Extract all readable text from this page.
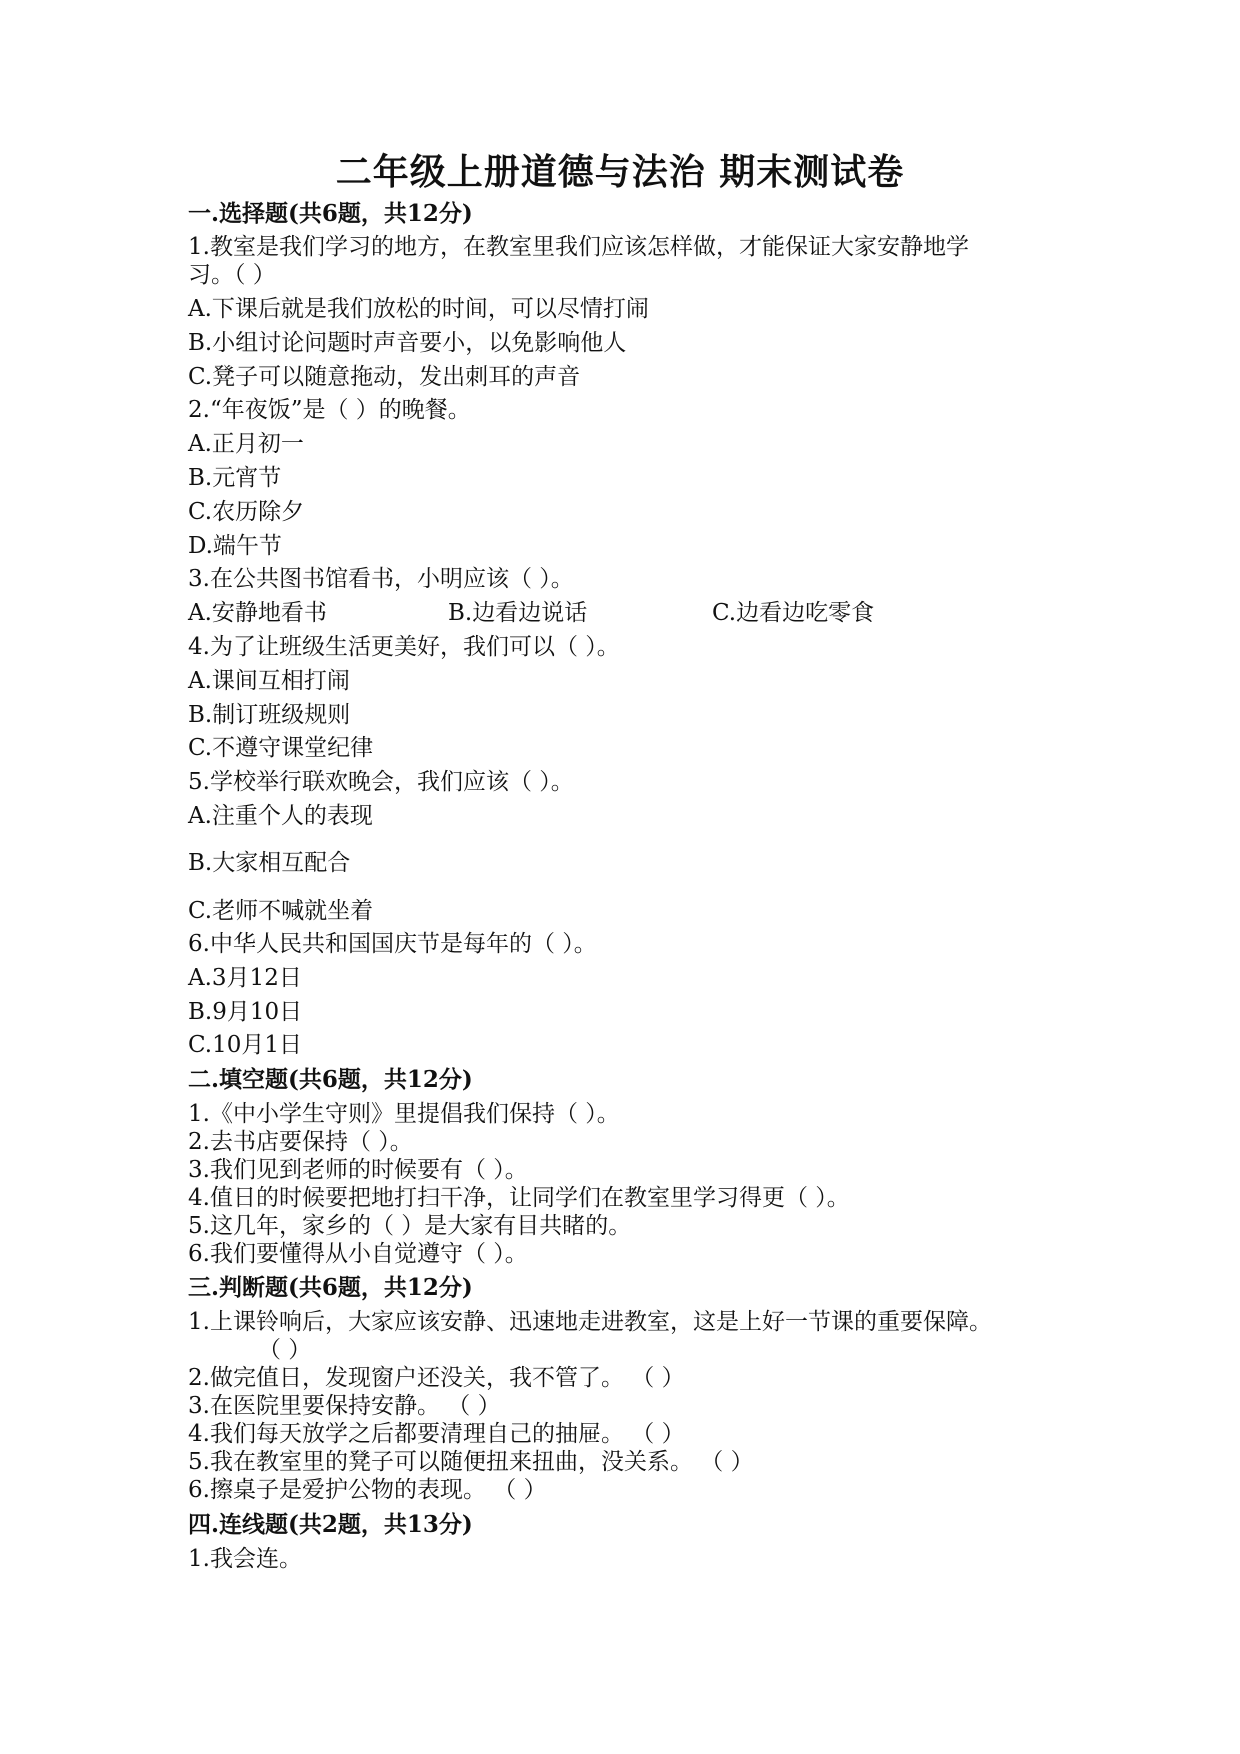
二年级上册道德与法治 期末测试卷
一.选择题(共6题，共12分)
1.教室是我们学习的地方，在教室里我们应该怎样做，才能保证大家安静地学
习。（ ）
A.下课后就是我们放松的时间，可以尽情打闹
B.小组讨论问题时声音要小，以免影响他人
C.凳子可以随意拖动，发出刺耳的声音
2.“年夜饭”是（ ）的晚餐。
A.正月初一
B.元宵节
C.农历除夕
D.端午节
3.在公共图书馆看书，小明应该（ ）。
A.安静地看书	B.边看边说话	C.边看边吃零食
4.为了让班级生活更美好，我们可以（ ）。
A.课间互相打闹
B.制订班级规则
C.不遵守课堂纪律
5.学校举行联欢晚会，我们应该（ ）。
A.注重个人的表现
B.大家相互配合
C.老师不喊就坐着
6.中华人民共和国国庆节是每年的（ ）。
A.3月12日
B.9月10日
C.10月1日
二.填空题(共6题，共12分)
1.《中小学生守则》里提倡我们保持（ ）。
2.去书店要保持（ ）。
3.我们见到老师的时候要有（ ）。
4.值日的时候要把地打扫干净，让同学们在教室里学习得更（ ）。
5.这几年，家乡的（ ）是大家有目共睹的。
6.我们要懂得从小自觉遵守（ ）。
三.判断题(共6题，共12分)
1.上课铃响后，大家应该安静、迅速地走进教室，这是上好一节课的重要保障。
（ ）
2.做完值日，发现窗户还没关，我不管了。 （ ）
3.在医院里要保持安静。 （ ）
4.我们每天放学之后都要清理自己的抽屉。 （ ）
5.我在教室里的凳子可以随便扭来扭曲，没关系。 （ ）
6.擦桌子是爱护公物的表现。 （ ）
四.连线题(共2题，共13分)
1.我会连。
